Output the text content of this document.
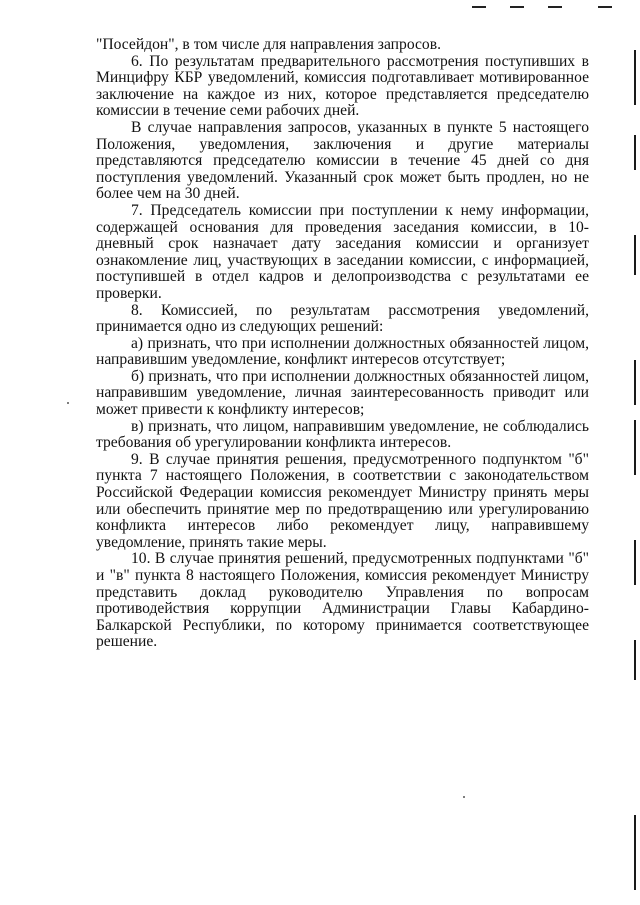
"Посейдон", в том числе для направления запросов.

6. По результатам предварительного рассмотрения поступивших в Минцифру КБР уведомлений, комиссия подготавливает мотивированное заключение на каждое из них, которое представляется председателю комиссии в течение семи рабочих дней.

В случае направления запросов, указанных в пункте 5 настоящего Положения, уведомления, заключения и другие материалы представляются председателю комиссии в течение 45 дней со дня поступления уведомлений. Указанный срок может быть продлен, но не более чем на 30 дней.

7. Председатель комиссии при поступлении к нему информации, содержащей основания для проведения заседания комиссии, в 10-дневный срок назначает дату заседания комиссии и организует ознакомление лиц, участвующих в заседании комиссии, с информацией, поступившей в отдел кадров и делопроизводства с результатами ее проверки.

8. Комиссией, по результатам рассмотрения уведомлений, принимается одно из следующих решений:

а) признать, что при исполнении должностных обязанностей лицом, направившим уведомление, конфликт интересов отсутствует;

б) признать, что при исполнении должностных обязанностей лицом, направившим уведомление, личная заинтересованность приводит или может привести к конфликту интересов;

в) признать, что лицом, направившим уведомление, не соблюдались требования об урегулировании конфликта интересов.

9. В случае принятия решения, предусмотренного подпунктом "б" пункта 7 настоящего Положения, в соответствии с законодательством Российской Федерации комиссия рекомендует Министру принять меры или обеспечить принятие мер по предотвращению или урегулированию конфликта интересов либо рекомендует лицу, направившему уведомление, принять такие меры.

10. В случае принятия решений, предусмотренных подпунктами "б" и "в" пункта 8 настоящего Положения, комиссия рекомендует Министру представить доклад руководителю Управления по вопросам противодействия коррупции Администрации Главы Кабардино-Балкарской Республики, по которому принимается соответствующее решение.
